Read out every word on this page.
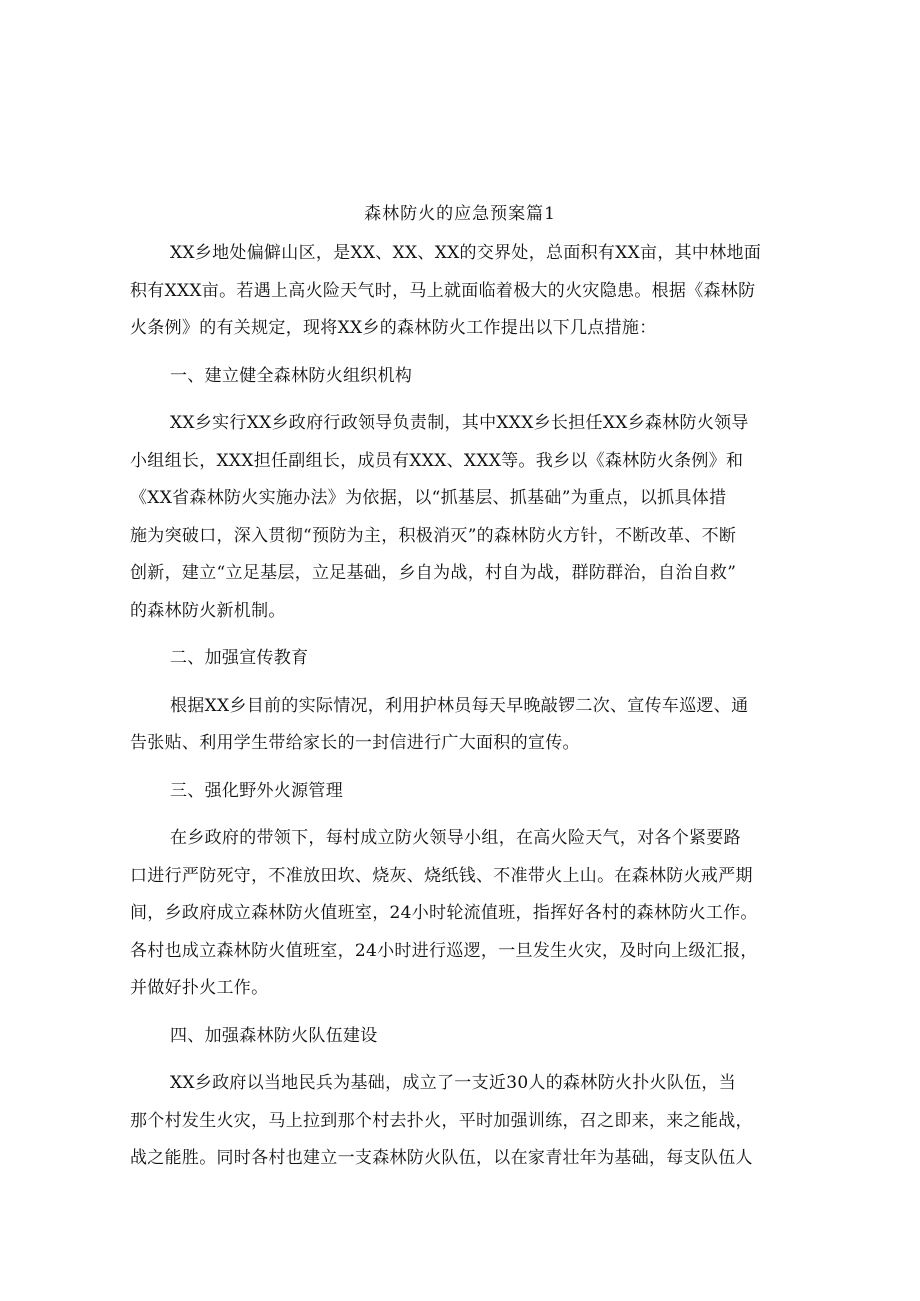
森林防火的应急预案篇1
XX乡地处偏僻山区，是XX、XX、XX的交界处，总面积有XX亩，其中林地面
积有XXX亩。若遇上高火险天气时，马上就面临着极大的火灾隐患。根据《森林防
火条例》的有关规定，现将XX乡的森林防火工作提出以下几点措施：
一、建立健全森林防火组织机构
XX乡实行XX乡政府行政领导负责制，其中XXX乡长担任XX乡森林防火领导
小组组长，XXX担任副组长，成员有XXX、XXX等。我乡以《森林防火条例》和
《XX省森林防火实施办法》为依据，以“抓基层、抓基础”为重点，以抓具体措
施为突破口，深入贯彻“预防为主，积极消灭”的森林防火方针，不断改革、不断
创新，建立“立足基层，立足基础，乡自为战，村自为战，群防群治，自治自救”
的森林防火新机制。
二、加强宣传教育
根据XX乡目前的实际情况，利用护林员每天早晚敲锣二次、宣传车巡逻、通
告张贴、利用学生带给家长的一封信进行广大面积的宣传。
三、强化野外火源管理
在乡政府的带领下，每村成立防火领导小组，在高火险天气，对各个紧要路
口进行严防死守，不准放田坎、烧灰、烧纸钱、不准带火上山。在森林防火戒严期
间，乡政府成立森林防火值班室，24小时轮流值班，指挥好各村的森林防火工作。
各村也成立森林防火值班室，24小时进行巡逻，一旦发生火灾，及时向上级汇报，
并做好扑火工作。
四、加强森林防火队伍建设
XX乡政府以当地民兵为基础，成立了一支近30人的森林防火扑火队伍，当
那个村发生火灾，马上拉到那个村去扑火，平时加强训练，召之即来，来之能战，
战之能胜。同时各村也建立一支森林防火队伍，以在家青壮年为基础，每支队伍人
